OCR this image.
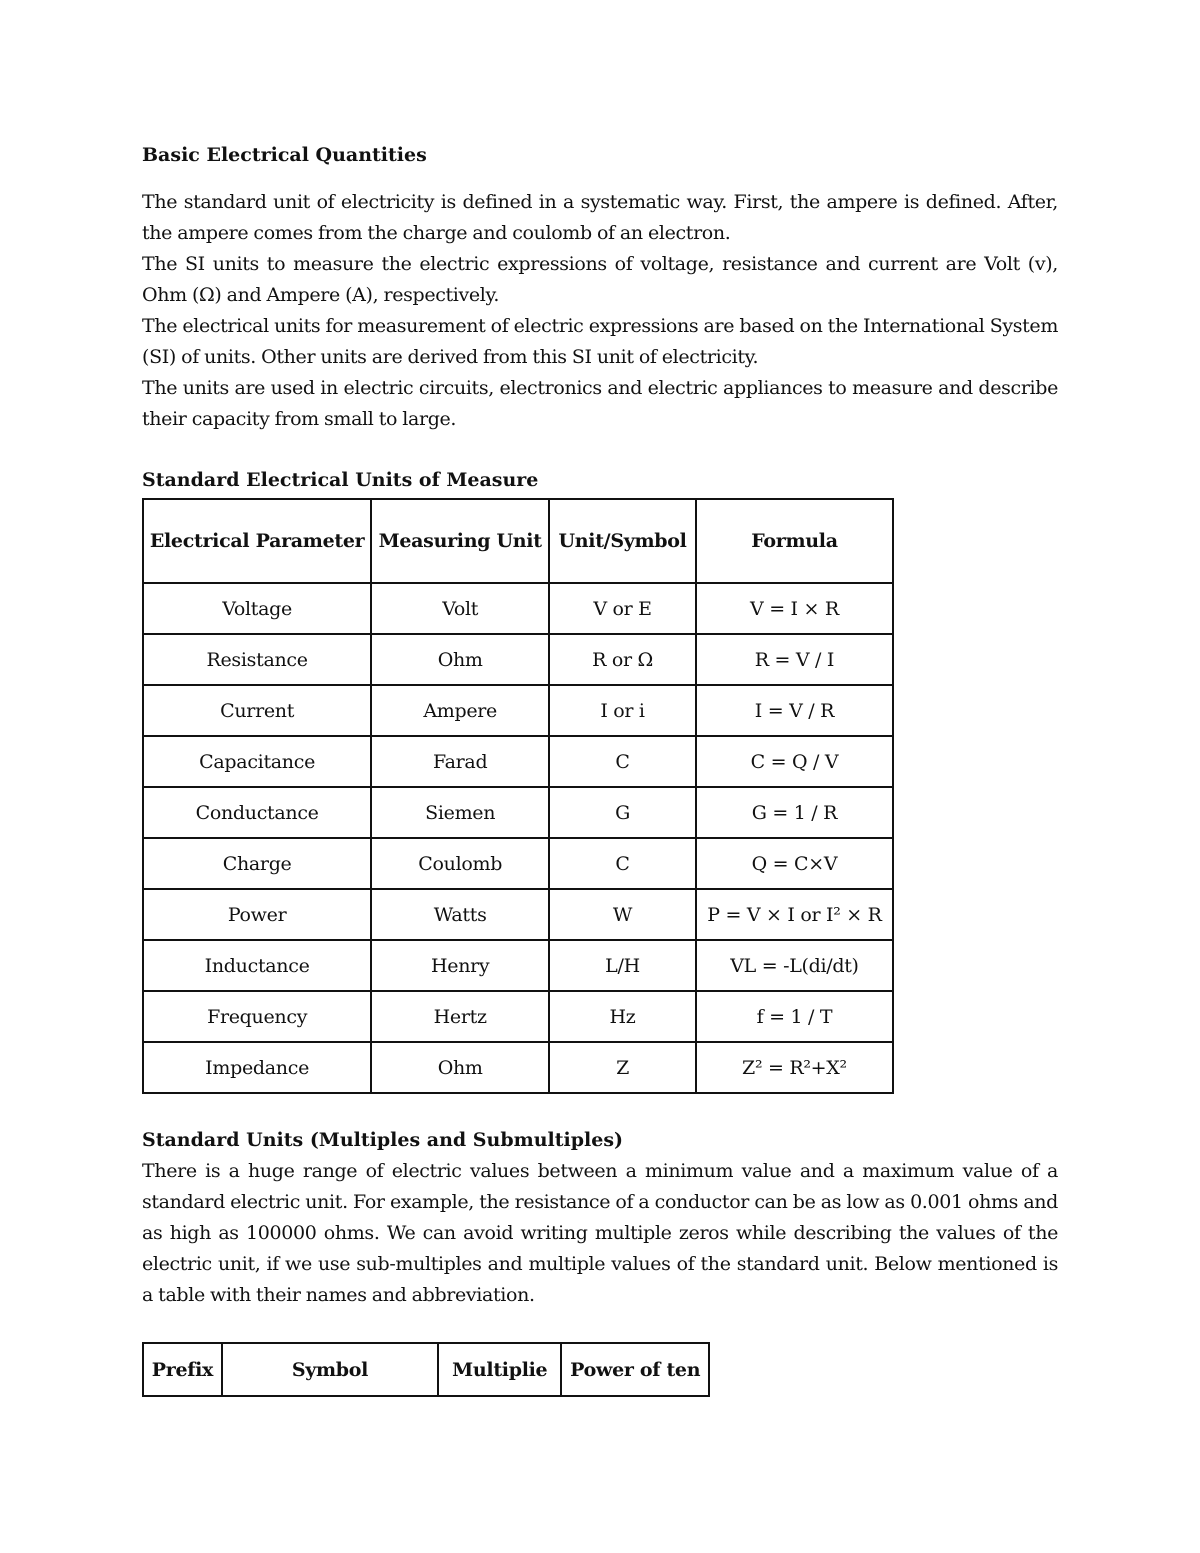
Basic Electrical Quantities

The standard unit of electricity is defined in a systematic way. First, the ampere is defined. After, the ampere comes from the charge and coulomb of an electron.

The SI units to measure the electric expressions of voltage, resistance and current are Volt (v), Ohm (Ω) and Ampere (A), respectively.

The electrical units for measurement of electric expressions are based on the International System (SI) of units. Other units are derived from this SI unit of electricity.

The units are used in electric circuits, electronics and electric appliances to measure and describe their capacity from small to large.

Standard Electrical Units of Measure

Electrical Parameter	Measuring Unit	Unit/Symbol	Formula
Voltage	Volt	V or E	V = I × R
Resistance	Ohm	R or Ω	R = V / I
Current	Ampere	I or i	I = V / R
Capacitance	Farad	C	C = Q / V
Conductance	Siemen	G	G = 1 / R
Charge	Coulomb	C	Q = C×V
Power	Watts	W	P = V × I or I² × R
Inductance	Henry	L/H	VL = -L(di/dt)
Frequency	Hertz	Hz	f = 1 / T
Impedance	Ohm	Z	Z² = R²+X²

Standard Units (Multiples and Submultiples)

There is a huge range of electric values between a minimum value and a maximum value of a standard electric unit. For example, the resistance of a conductor can be as low as 0.001 ohms and as high as 100000 ohms. We can avoid writing multiple zeros while describing the values of the electric unit, if we use sub-multiples and multiple values of the standard unit. Below mentioned is a table with their names and abbreviation.

Prefix	Symbol	Multiplie	Power of ten
